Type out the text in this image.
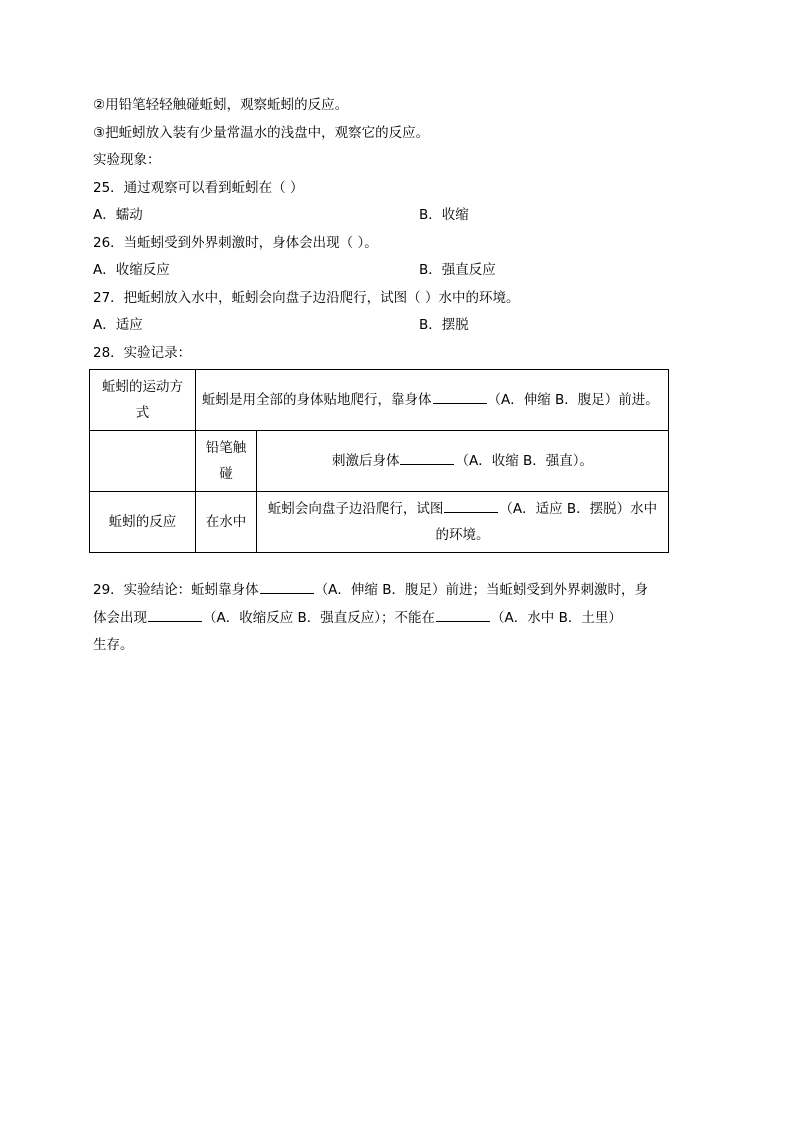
②用铅笔轻轻触碰蚯蚓，观察蚯蚓的反应。
③把蚯蚓放入装有少量常温水的浅盘中，观察它的反应。
实验现象：
25．通过观察可以看到蚯蚓在（ ）
A．蠕动	B．收缩
26．当蚯蚓受到外界刺激时，身体会出现（ ）。
A．收缩反应	B．强直反应
27．把蚯蚓放入水中，蚯蚓会向盘子边沿爬行，试图（ ）水中的环境。
A．适应	B．摆脱
28．实验记录：
蚯蚓的运动方式	蚯蚓是用全部的身体贴地爬行，靠身体 （A．伸缩 B．腹足）前进。	
	铅笔触碰	刺激后身体 （A．收缩 B．强直）。
蚯蚓的反应	在水中	蚯蚓会向盘子边沿爬行，试图 （A．适应 B．摆脱）水中的环境。
29．实验结论：蚯蚓靠身体	（A．伸缩 B．腹足）前进；当蚯蚓受到外界刺激时，身体会出现	（A．收缩反应 B．强直反应）；不能在	（A．水中 B．土里）
生存。
